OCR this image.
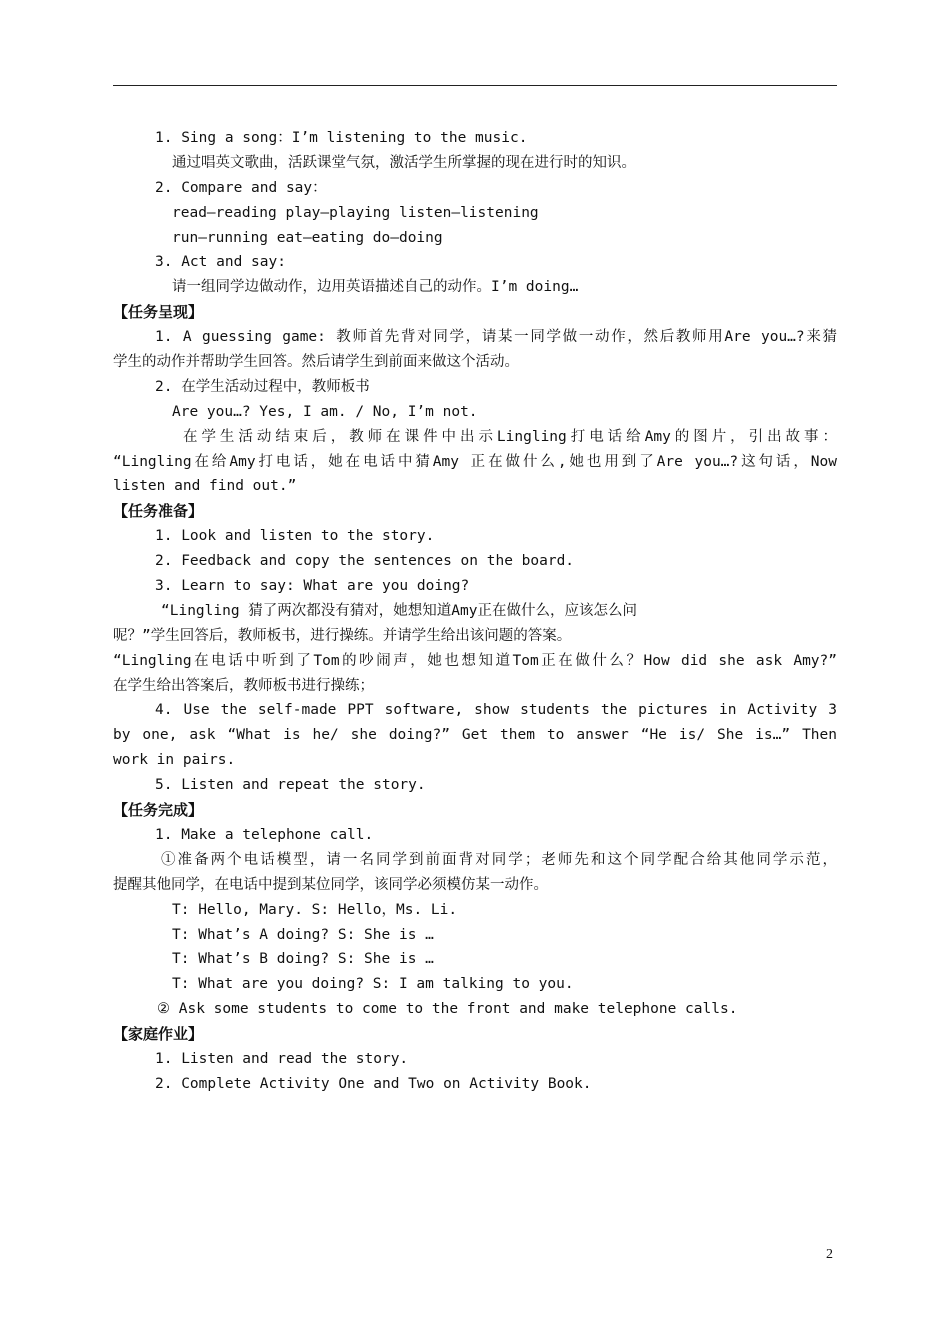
1. Sing a song：I’m listening to the music.
通过唱英文歌曲，活跃课堂气氛，激活学生所掌握的现在进行时的知识。
2. Compare and say：
read—reading play—playing listen—listening
run—running eat—eating do—doing
3. Act and say:
请一组同学边做动作，边用英语描述自己的动作。I’m doing…
【任务呈现】
1. A guessing game: 教师首先背对同学，请某一同学做一动作，然后教师用Are you…?来猜
学生的动作并帮助学生回答。然后请学生到前面来做这个活动。
2. 在学生活动过程中，教师板书
Are you…? Yes, I am. / No, I’m not.
在学生活动结束后，教师在课件中出示Lingling打电话给Amy的图片，引出故事：
“Lingling在给Amy打电话，她在电话中猜Amy 正在做什么,她也用到了Are you…?这句话，Now
listen and find out.”
【任务准备】
1. Look and listen to the story.
2. Feedback and copy the sentences on the board.
3. Learn to say: What are you doing?
“Lingling 猜了两次都没有猜对，她想知道Amy正在做什么，应该怎么问
呢？”学生回答后，教师板书，进行操练。并请学生给出该问题的答案。
“Lingling在电话中听到了Tom的吵闹声，她也想知道Tom正在做什么？How did she ask Amy?”
在学生给出答案后，教师板书进行操练；
4. Use the self-made PPT software, show students the pictures in Activity 3
by one, ask “What is he/ she doing?” Get them to answer “He is/ She is…” Then
work in pairs.
5. Listen and repeat the story.
【任务完成】
1. Make a telephone call.
①准备两个电话模型，请一名同学到前面背对同学；老师先和这个同学配合给其他同学示范，
提醒其他同学，在电话中提到某位同学，该同学必须模仿某一动作。
T: Hello, Mary. S: Hello，Ms. Li.
T: What’s A doing? S: She is …
T: What’s B doing? S: She is …
T: What are you doing? S: I am talking to you.
② Ask some students to come to the front and make telephone calls.
【家庭作业】
1. Listen and read the story.
2. Complete Activity One and Two on Activity Book.
2
